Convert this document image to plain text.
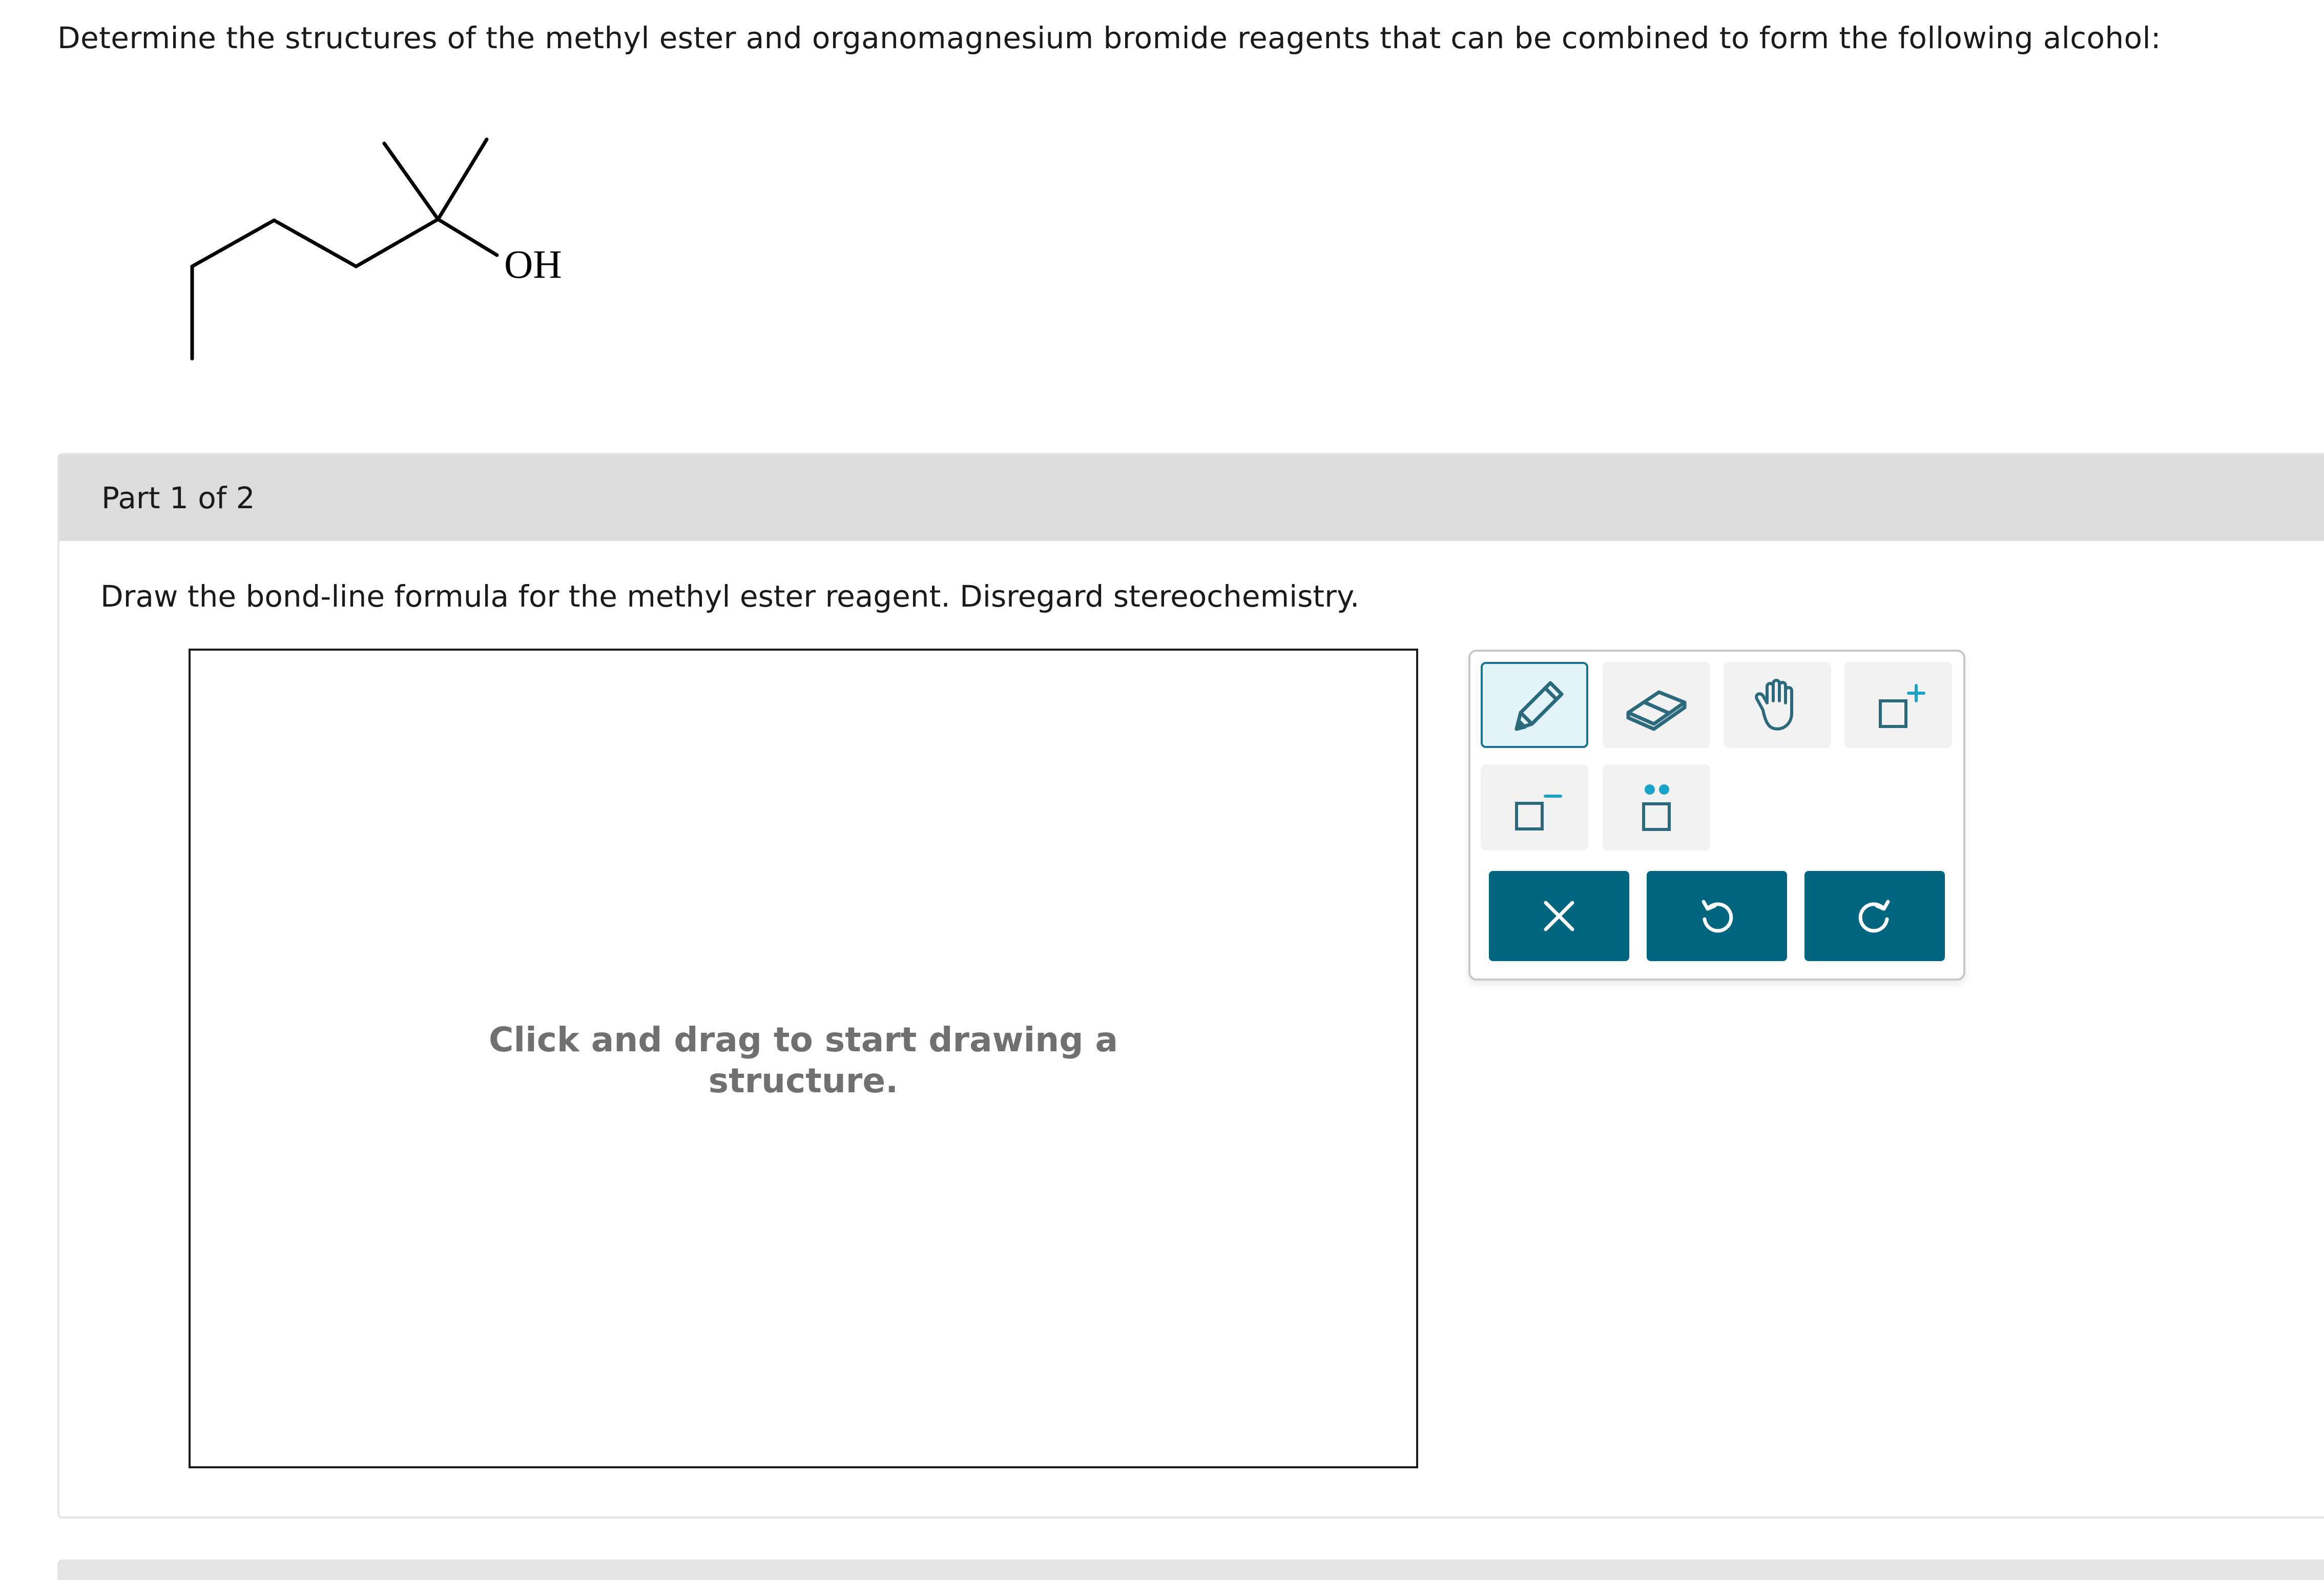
Determine the structures of the methyl ester and organomagnesium bromide reagents that can be combined to form the following alcohol:
OH
Part 1 of 2
Draw the bond-line formula for the methyl ester reagent. Disregard stereochemistry.
Click and drag to start drawing a structure.
